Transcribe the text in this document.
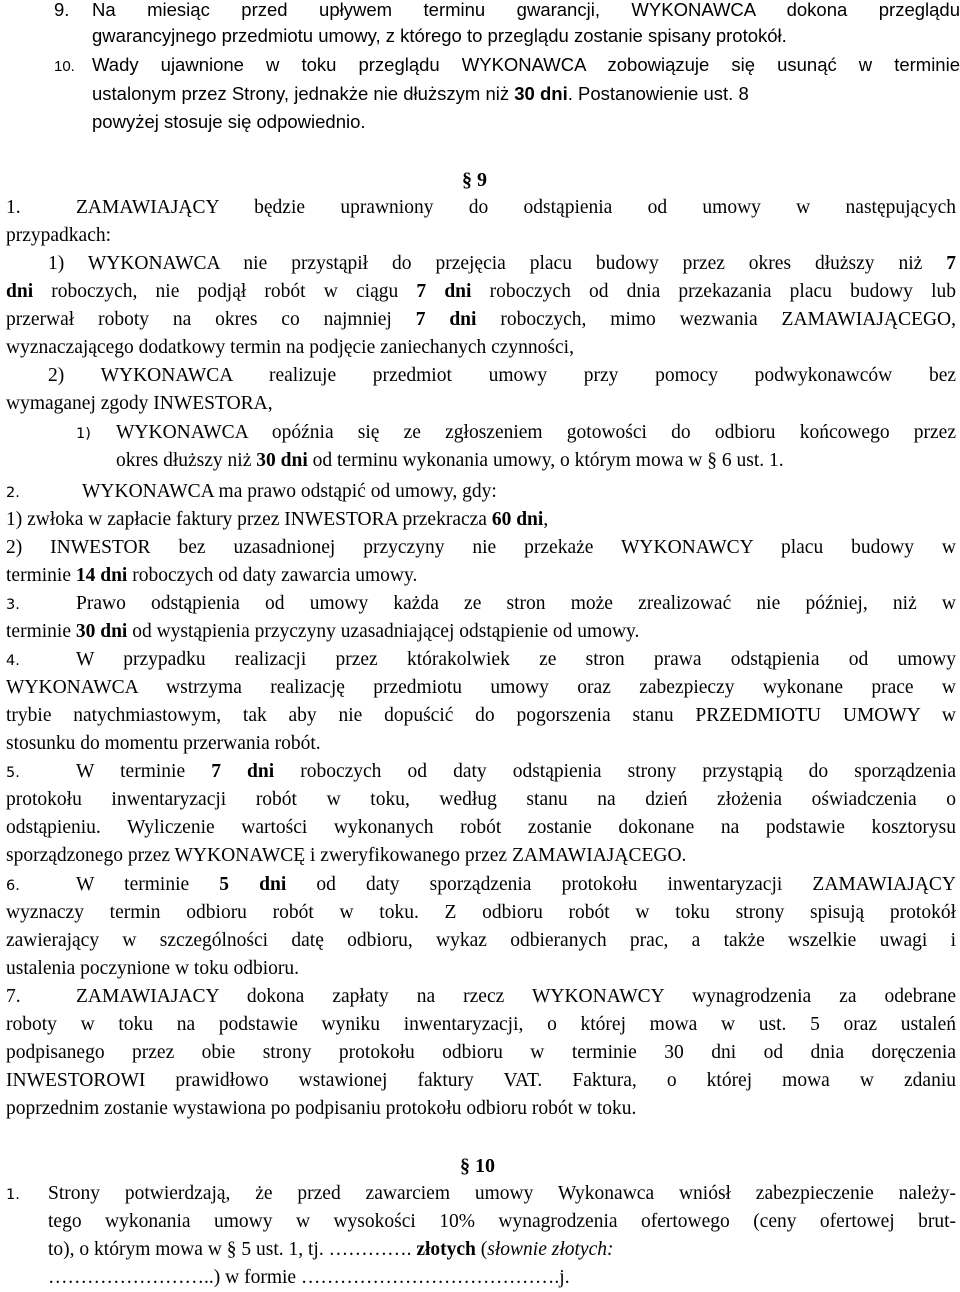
9. Na miesiąc przed upływem terminu gwarancji, WYKONAWCA dokona przeglądu
gwarancyjnego przedmiotu umowy, z którego to przeglądu zostanie spisany protokół.
10. Wady ujawnione w toku przeglądu WYKONAWCA zobowiązuje się usunąć w terminie
ustalonym przez Strony, jednakże nie dłuższym niż 30 dni. Postanowienie ust. 8
powyżej stosuje się odpowiednio.
§ 9
1.	ZAMAWIAJĄCY będzie uprawniony do odstąpienia od umowy w następujących
przypadkach:
1) WYKONAWCA nie przystąpił do przejęcia placu budowy przez okres dłuższy niż 7
dni roboczych, nie podjął robót w ciągu 7 dni roboczych od dnia przekazania placu budowy lub
przerwał roboty na okres co najmniej 7 dni roboczych, mimo wezwania ZAMAWIAJĄCEGO,
wyznaczającego dodatkowy termin na podjęcie zaniechanych czynności,
2) WYKONAWCA realizuje przedmiot umowy przy pomocy podwykonawców bez
wymaganej zgody INWESTORA,
1) WYKONAWCA opóźnia się ze zgłoszeniem gotowości do odbioru końcowego przez
okres dłuższy niż 30 dni od terminu wykonania umowy, o którym mowa w § 6 ust. 1.
2.	WYKONAWCA ma prawo odstąpić od umowy, gdy:
1) zwłoka w zapłacie faktury przez INWESTORA przekracza 60 dni,
2) INWESTOR bez uzasadnionej przyczyny nie przekaże WYKONAWCY placu budowy w
terminie 14 dni roboczych od daty zawarcia umowy.
3.	Prawo odstąpienia od umowy każda ze stron może zrealizować nie później, niż w
terminie 30 dni od wystąpienia przyczyny uzasadniającej odstąpienie od umowy.
4.	W przypadku realizacji przez którakolwiek ze stron prawa odstąpienia od umowy
WYKONAWCA wstrzyma realizację przedmiotu umowy oraz zabezpieczy wykonane prace w
trybie natychmiastowym, tak aby nie dopuścić do pogorszenia stanu PRZEDMIOTU UMOWY w
stosunku do momentu przerwania robót.
5.	W terminie 7 dni roboczych od daty odstąpienia strony przystąpią do sporządzenia
protokołu inwentaryzacji robót w toku, według stanu na dzień złożenia oświadczenia o
odstąpieniu. Wyliczenie wartości wykonanych robót zostanie dokonane na podstawie kosztorysu
sporządzonego przez WYKONAWCĘ i zweryfikowanego przez ZAMAWIAJĄCEGO.
6.	W terminie 5 dni od daty sporządzenia protokołu inwentaryzacji ZAMAWIAJĄCY
wyznaczy termin odbioru robót w toku. Z odbioru robót w toku strony spisują protokół
zawierający w szczególności datę odbioru, wykaz odbieranych prac, a także wszelkie uwagi i
ustalenia poczynione w toku odbioru.
7.	ZAMAWIAJACY dokona zapłaty na rzecz WYKONAWCY wynagrodzenia za odebrane
roboty w toku na podstawie wyniku inwentaryzacji, o której mowa w ust. 5 oraz ustaleń
podpisanego przez obie strony protokołu odbioru w terminie 30 dni od dnia doręczenia
INWESTOROWI prawidłowo wstawionej faktury VAT. Faktura, o której mowa w zdaniu
poprzednim zostanie wystawiona po podpisaniu protokołu odbioru robót w toku.
§ 10
1. Strony potwierdzają, że przed zawarciem umowy Wykonawca wniósł zabezpieczenie należy-
tego wykonania umowy w wysokości 10% wynagrodzenia ofertowego (ceny ofertowej brut-
to), o którym mowa w § 5 ust. 1, tj. …………. złotych (słownie złotych:
……………………..) w formie ………………………………….j.
